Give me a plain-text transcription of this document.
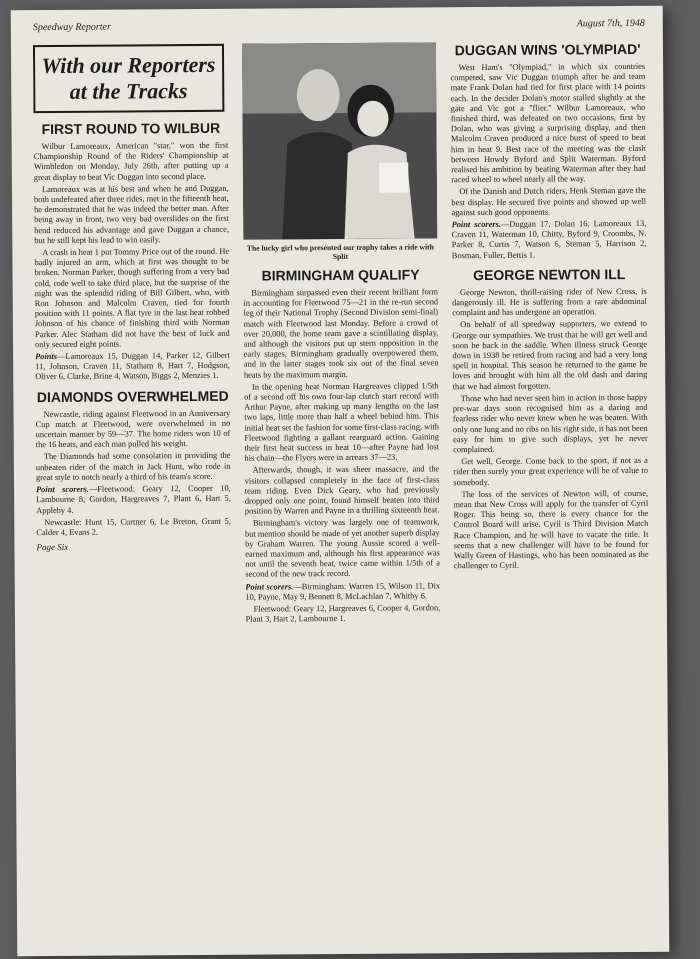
Speedway Reporter	August 7th, 1948
With our Reporters at the Tracks
FIRST ROUND TO WILBUR

Wilbur Lamoreaux, American "star," won the first Championship Round of the Riders' Championship at Wimbledon on Monday, July 26th, after putting up a great display to beat Vic Duggan into second place.

Lamoreaux was at his best and when he and Duggan, both undefeated after three rides, met in the fifteenth heat, he demonstrated that he was indeed the better man. After being away in front, two very bad overslides on the first bend reduced his advantage and gave Duggan a chance, but he still kept his lead to win easily.

A crash in heat 1 put Tommy Price out of the round. He badly injured an arm, which at first was thought to be broken. Norman Parker, though suffering from a very bad cold, rode well to take third place, but the surprise of the night was the splendid riding of Bill Gilbert, who, with Ron Johnson and Malcolm Craven, tied for fourth position with 11 points. A flat tyre in the last heat robbed Johnson of his chance of finishing third with Norman Parker. Alec Statham did not have the best of luck and only secured eight points.

Points—Lamoreaux 15, Duggan 14, Parker 12, Gilbert 11, Johnson, Craven 11, Statham 8, Hart 7, Hodgson, Oliver 6, Clarke, Brine 4, Watson, Biggs 2, Menzies 1.

DIAMONDS OVERWHELMED

Newcastle, riding against Fleetwood in an Anniversary Cup match at Fleetwood, were overwhelmed in no uncertain manner by 59—37. The home riders won 10 of the 16 heats, and each man pulled his weight.

The Diamonds had some consolation in providing the unbeaten rider of the match in Jack Hunt, who rode in great style to notch nearly a third of his team's score.

Point scorers.—Fleetwood: Geary 12, Cooper 10, Lambourne 8, Gordon, Hargreaves 7, Plant 6, Hart 5, Appleby 4.

Newcastle: Hunt 15, Curtner 6, Le Breton, Grant 5, Calder 4, Evans 2.

Page Six
The lucky girl who presented our trophy takes a ride with Split
BIRMINGHAM QUALIFY

Birmingham surpassed even their recent brilliant form in accounting for Fleetwood 75—21 in the re-run second leg of their National Trophy (Second Division semi-final) match with Fleetwood last Monday. Before a crowd of over 20,000, the home team gave a scintillating display, and although the visitors put up stern opposition in the early stages, Birmingham gradually overpowered them, and in the latter stages took six out of the final seven heats by the maximum margin.

In the opening heat Norman Hargreaves clipped 1/5th of a second off his own four-lap clutch start record with Arthur Payne, after making up many lengths on the last two laps, little more than half a wheel behind him. This initial heat set the fashion for some first-class racing, with Fleetwood fighting a gallant rearguard action. Gaining their first heat success in heat 10—after Payne had lost his chain—the Flyers were in arrears 37—23.

Afterwards, though, it was sheer massacre, and the visitors collapsed completely in the face of first-class team riding. Even Dick Geary, who had previously dropped only one point, found himself beaten into third position by Warren and Payne in a thrilling sixteenth heat.

Birmingham's victory was largely one of teamwork, but mention should be made of yet another superb display by Graham Warren. The young Aussie scored a well-earned maximum and, although his first appearance was not until the seventh heat, twice came within 1/5th of a second of the new track record.

Point scorers.—Birmingham: Warren 15, Wilson 11, Dix 10, Payne, May 9, Bennett 8, McLachlan 7, Whitby 6.

Fleetwood: Geary 12, Hargreaves 6, Cooper 4, Gordon, Plant 3, Hart 2, Lambourne 1.

DUGGAN WINS 'OLYMPIAD'

West Ham's "Olympiad," in which six countries competed, saw Vic Duggan triumph after he and team mate Frank Dolan had tied for first place with 14 points each. In the decider Dolan's motor stalled slightly at the gate and Vic got a "flier." Wilbur Lamoreaux, who finished third, was defeated on two occasions, first by Dolan, who was giving a surprising display, and then Malcolm Craven produced a nice burst of speed to beat him in heat 9. Best race of the meeting was the clash between Howdy Byford and Split Waterman. Byford realised his ambition by beating Waterman after they had raced wheel to wheel nearly all the way.

Of the Danish and Dutch riders, Henk Steman gave the best display. He secured five points and showed up well against such good opponents.

Point scorers.—Duggan 17, Dolan 16, Lamoreaux 13, Craven 11, Waterman 10, Chitty, Byford 9, Croombs, N. Parker 8, Curtis 7, Watson 6, Steman 5, Harrison 2, Bosman, Fuller, Bettis 1.

GEORGE NEWTON ILL

George Newton, thrill-raising rider of New Cross, is dangerously ill. He is suffering from a rare abdominal complaint and has undergone an operation.

On behalf of all speedway supporters, we extend to George our sympathies. We trust that he will get well and soon be back in the saddle. When illness struck George down in 1938 he retired from racing and had a very long spell in hospital. This season he returned to the game he loves and brought with him all the old dash and daring that we had almost forgotten.

Those who had never seen him in action in those happy pre-war days soon recognised him as a daring and fearless rider who never knew when he was beaten. With only one lung and no ribs on his right side, it has not been easy for him to give such displays, yet he never complained.

Get well, George. Come back to the sport, if not as a rider then surely your great experience will be of value to somebody.

The loss of the services of Newton will, of course, mean that New Cross will apply for the transfer of Cyril Roger. This being so, there is every chance for the Control Board will arise. Cyril is Third Division Match Race Champion, and he will have to vacate the title. It seems that a new challenger will have to be found for Wally Green of Hastings, who has been nominated as the challenger to Cyril.
